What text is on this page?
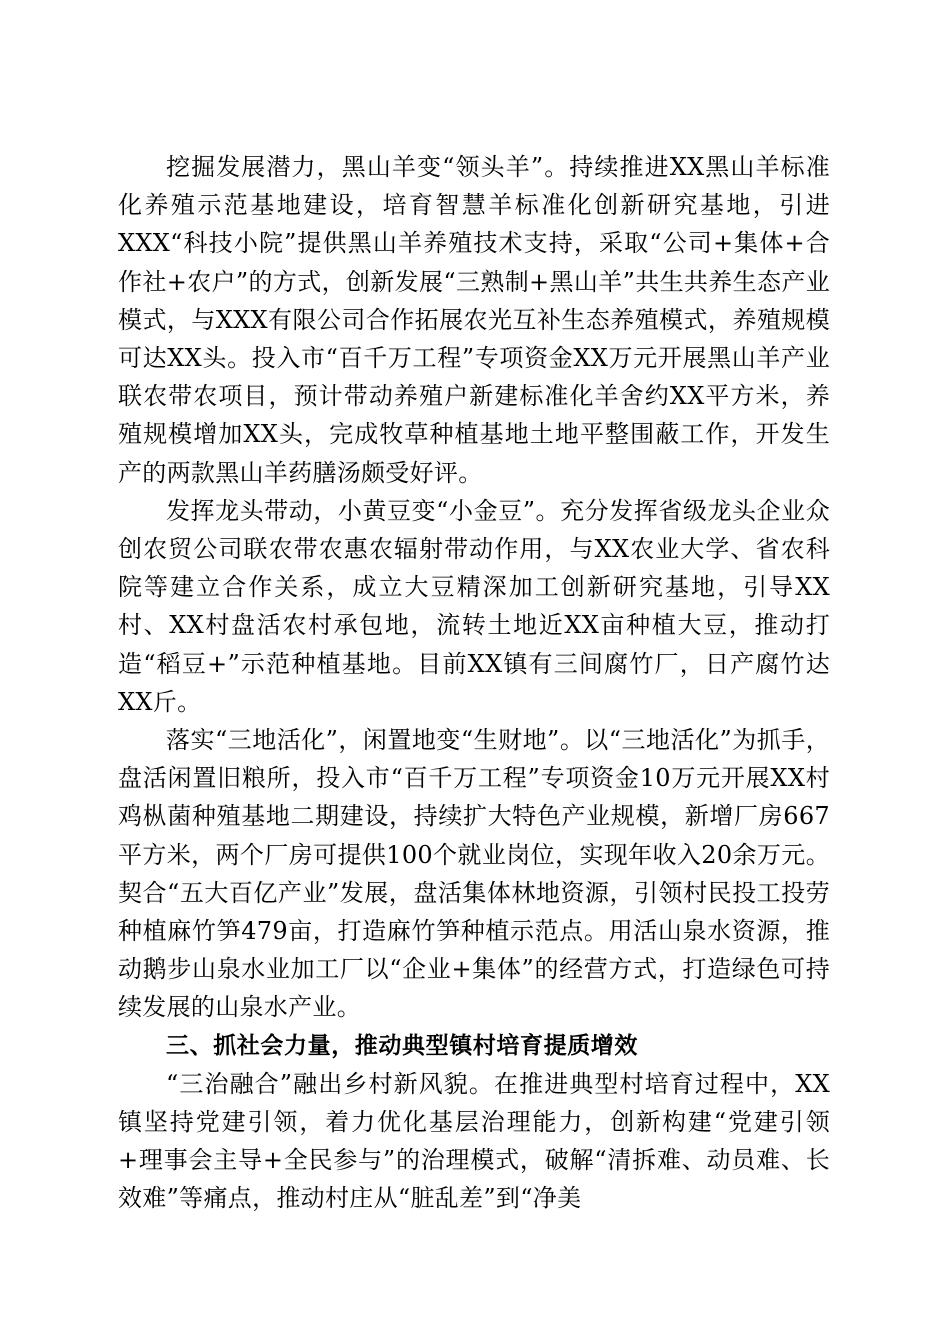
挖掘发展潜力，黑山羊变“领头羊”。持续推进XX黑山羊标准化养殖示范基地建设，培育智慧羊标准化创新研究基地，引进XXX“科技小院”提供黑山羊养殖技术支持，采取“公司+集体+合作社+农户”的方式，创新发展“三熟制+黑山羊”共生共养生态产业模式，与XXX有限公司合作拓展农光互补生态养殖模式，养殖规模可达XX头。投入市“百千万工程”专项资金XX万元开展黑山羊产业联农带农项目，预计带动养殖户新建标准化羊舍约XX平方米，养殖规模增加XX头，完成牧草种植基地土地平整围蔽工作，开发生产的两款黑山羊药膳汤颇受好评。

发挥龙头带动，小黄豆变“小金豆”。充分发挥省级龙头企业众创农贸公司联农带农惠农辐射带动作用，与XX农业大学、省农科院等建立合作关系，成立大豆精深加工创新研究基地，引导XX村、XX村盘活农村承包地，流转土地近XX亩种植大豆，推动打造“稻豆+”示范种植基地。目前XX镇有三间腐竹厂，日产腐竹达XX斤。

落实“三地活化”，闲置地变“生财地”。以“三地活化”为抓手，盘活闲置旧粮所，投入市“百千万工程”专项资金10万元开展XX村鸡枞菌种殖基地二期建设，持续扩大特色产业规模，新增厂房667平方米，两个厂房可提供100个就业岗位，实现年收入20余万元。契合“五大百亿产业”发展，盘活集体林地资源，引领村民投工投劳种植麻竹笋479亩，打造麻竹笋种植示范点。用活山泉水资源，推动鹅步山泉水业加工厂以“企业+集体”的经营方式，打造绿色可持续发展的山泉水产业。

三、抓社会力量，推动典型镇村培育提质增效

“三治融合”融出乡村新风貌。在推进典型村培育过程中，XX镇坚持党建引领，着力优化基层治理能力，创新构建“党建引领+理事会主导+全民参与”的治理模式，破解“清拆难、动员难、长效难”等痛点，推动村庄从“脏乱差”到“净美
